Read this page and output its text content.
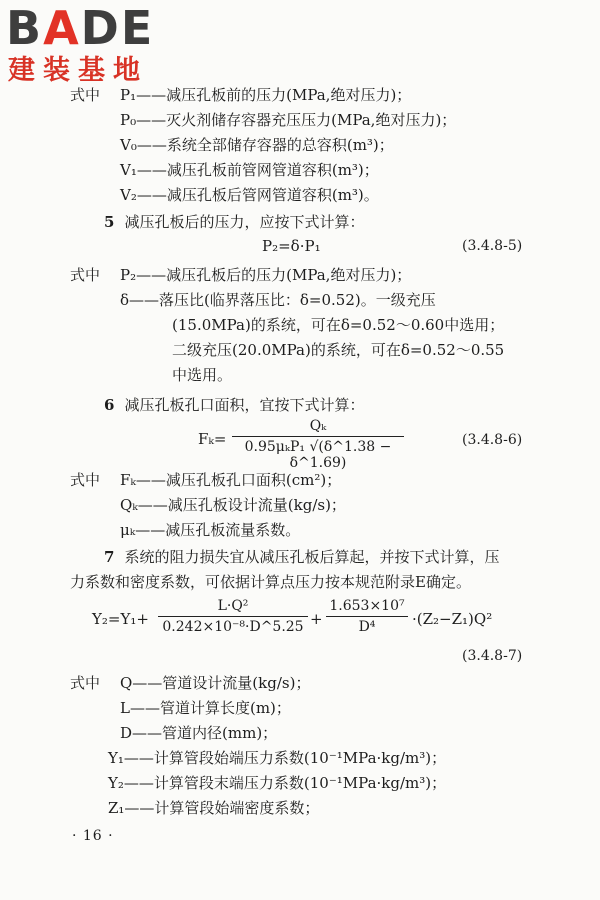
BADE
建装基地
式中 P₁——减压孔板前的压力(MPa,绝对压力)；
P₀——灭火剂储存容器充压压力(MPa,绝对压力)；
V₀——系统全部储存容器的总容积(m³)；
V₁——减压孔板前管网管道容积(m³)；
V₂——减压孔板后管网管道容积(m³)。
5 减压孔板后的压力，应按下式计算：
P₂=δ·P₁	(3.4.8-5)
式中 P₂——减压孔板后的压力(MPa,绝对压力)；
δ——落压比(临界落压比：δ=0.52)。一级充压
(15.0MPa)的系统，可在δ=0.52～0.60中选用；
二级充压(20.0MPa)的系统，可在δ=0.52～0.55
中选用。
6 减压孔板孔口面积，宜按下式计算：
Fₖ=
Qₖ
0.95μₖP₁ √(δ^1.38 − δ^1.69)
(3.4.8-6)
式中 Fₖ——减压孔板孔口面积(cm²)；
Qₖ——减压孔板设计流量(kg/s)；
μₖ——减压孔板流量系数。
7 系统的阻力损失宜从减压孔板后算起，并按下式计算，压
力系数和密度系数，可依据计算点压力按本规范附录E确定。
Y₂=Y₁+
L·Q²
0.242×10⁻⁸·D^5.25 +
1.653×10⁷
D⁴	·(Z₂−Z₁)Q²
(3.4.8-7)
式中 Q——管道设计流量(kg/s)；
L——管道计算长度(m)；
D——管道内径(mm)；
Y₁——计算管段始端压力系数(10⁻¹MPa·kg/m³)；
Y₂——计算管段末端压力系数(10⁻¹MPa·kg/m³)；
Z₁——计算管段始端密度系数；
· 16 ·
